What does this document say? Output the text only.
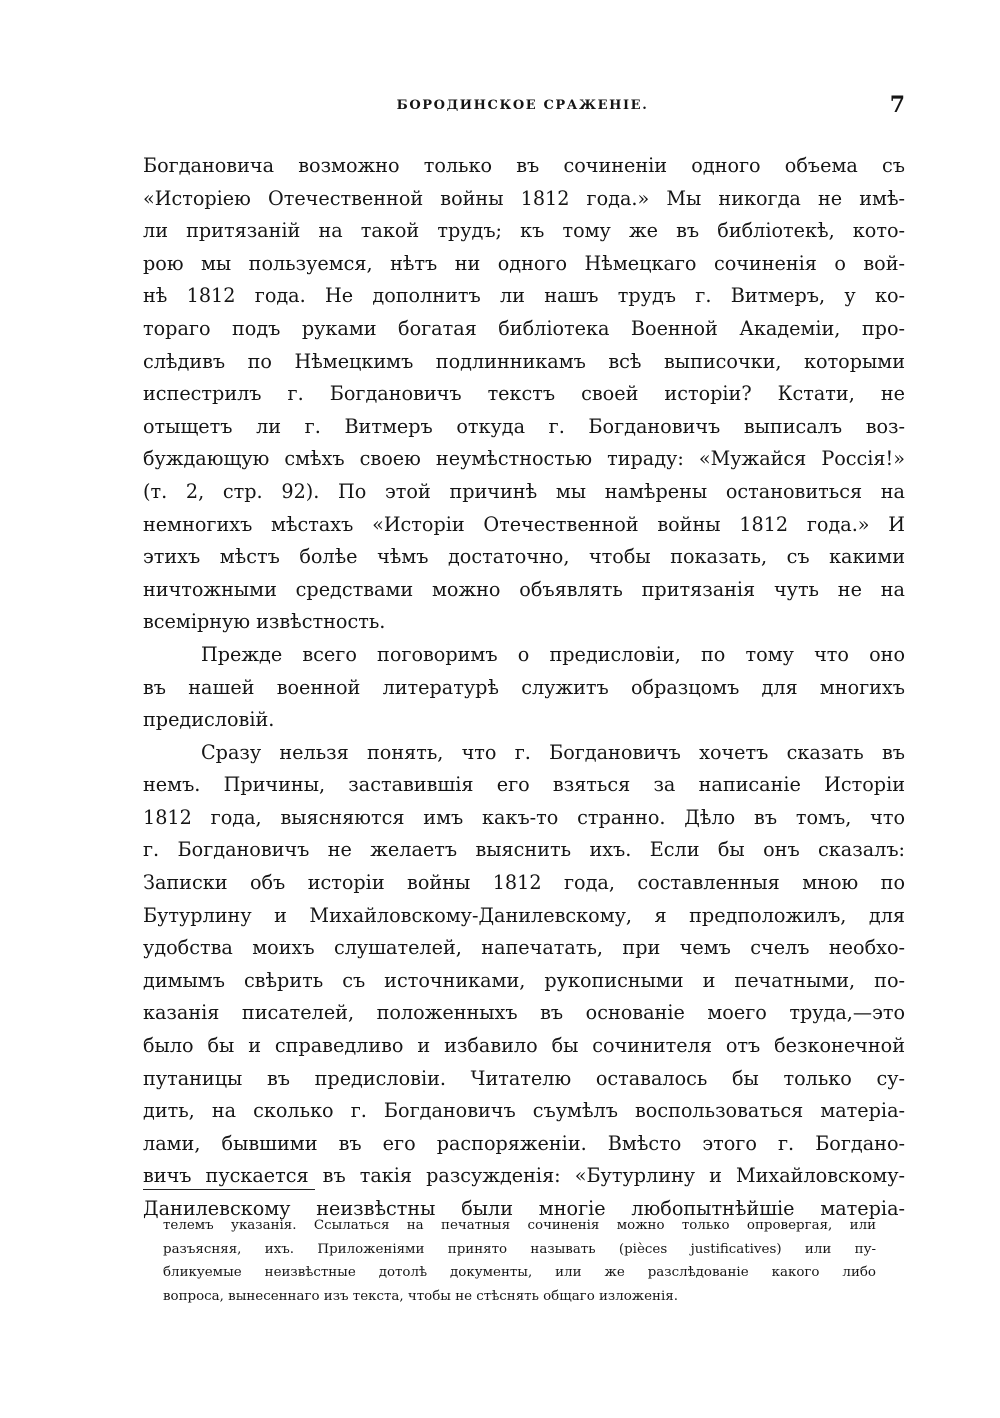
БОРОДИНСКОЕ СРАЖЕНІЕ.	7
Богдановича возможно только въ сочиненіи одного объема съ
«Исторіею Отечественной войны 1812 года.» Мы никогда не имѣ-
ли притязаній на такой трудъ; къ тому же въ библіотекѣ, кото-
рою мы пользуемся, нѣтъ ни одного Нѣмецкаго сочиненія о вой-
нѣ 1812 года. Не дополнитъ ли нашъ трудъ г. Витмеръ, у ко-
тораго подъ руками богатая библіотека Военной Академіи, про-
слѣдивъ по Нѣмецкимъ подлинникамъ всѣ выписочки, которыми
испестрилъ г. Богдановичъ текстъ своей исторіи? Кстати, не
отыщетъ ли г. Витмеръ откуда г. Богдановичъ выписалъ воз-
буждающую смѣхъ своею неумѣстностью тираду: «Мужайся Россія!»
(т. 2, стр. 92). По этой причинѣ мы намѣрены остановиться на
немногихъ мѣстахъ «Исторіи Отечественной войны 1812 года.» И
этихъ мѣстъ болѣе чѣмъ достаточно, чтобы показать, съ какими
ничтожными средствами можно объявлять притязанія чуть не на
всемірную извѣстность.
Прежде всего поговоримъ о предисловіи, по тому что оно
въ нашей военной литературѣ служитъ образцомъ для многихъ
предисловій.
Сразу нельзя понять, что г. Богдановичъ хочетъ сказать въ
немъ. Причины, заставившія его взяться за написаніе Исторіи
1812 года, выясняются имъ какъ-то странно. Дѣло въ томъ, что
г. Богдановичъ не желаетъ выяснить ихъ. Если бы онъ сказалъ:
Записки объ исторіи войны 1812 года, составленныя мною по
Бутурлину и Михайловскому-Данилевскому, я предположилъ, для
удобства моихъ слушателей, напечатать, при чемъ счелъ необхо-
димымъ свѣрить съ источниками, рукописными и печатными, по-
казанія писателей, положенныхъ въ основаніе моего труда,—это
было бы и справедливо и избавило бы сочинителя отъ безконечной
путаницы въ предисловіи. Читателю оставалось бы только су-
дить, на сколько г. Богдановичъ съумѣлъ воспользоваться матеріа-
лами, бывшими въ его распоряженіи. Вмѣсто этого г. Богдано-
вичъ пускается въ такія разсужденія: «Бутурлину и Михайловскому-
Данилевскому неизвѣстны были многіе любопытнѣйшіе матеріа-
телемъ указанія. Ссылаться на печатныя сочиненія можно только опровергая, или
разъясняя, ихъ. Приложеніями принято называть (pièces justificatives) или пу-
бликуемые неизвѣстные дотолѣ документы, или же разслѣдованіе какого либо
вопроса, вынесеннаго изъ текста, чтобы не стѣснять общаго изложенія.
